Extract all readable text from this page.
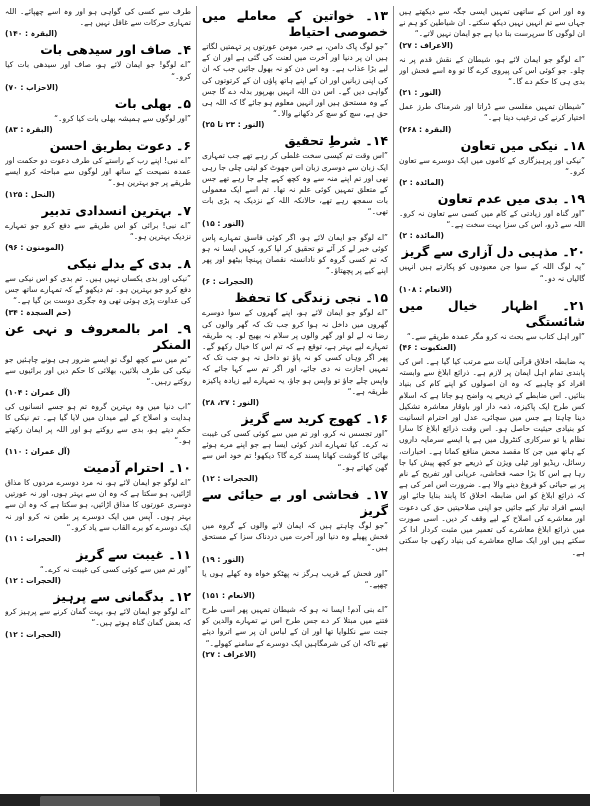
طرف سے کسی کی گواہی ہو اور وہ اسے چھپائے۔ اللہ تمہاری حرکات سے غافل نہیں ہے۔
(البقرہ : ۱۴۰)
۴۔ صاف اور سیدھی بات
”اے لوگو! جو ایمان لائے ہو، صاف اور سیدھی بات کیا کرو۔“
(الاحزاب : ۷۰)
۵۔ بھلی بات
”اور لوگوں سے ہمیشہ بھلی بات کیا کرو۔“
(البقرہ : ۸۳)
۶۔ دعوت بطریق احسن
”اے نبی! اپنے رب کے راستے کی طرف دعوت دو حکمت اور عمدہ نصیحت کے ساتھ اور لوگوں سے مباحثہ کرو ایسے طریقے پر جو بہترین ہو۔“
(النحل : ۱۲۵)
۷۔ بہترین انسدادی تدبیر
”اے نبی! برائی کو اس طریقے سے دفع کرو جو تمہارے نزدیک بہترین ہو۔“
(المومنون : ۹۶)
۸۔ بدی کے بدلے نیکی
”نیکی اور بدی یکساں نہیں ہیں۔ تم بدی کو اس نیکی سے دفع کرو جو بہترین ہو۔ تم دیکھو گے کہ تمہارے ساتھ جس کی عداوت پڑی ہوئی تھی وہ جگری دوست بن گیا ہے۔“
(حم السجدہ : ۳۴)
۹۔ امر بالمعروف و نہی عن المنکر
”تم میں سے کچھ لوگ تو ایسے ضرور ہی ہونے چاہئیں جو نیکی کی طرف بلائیں، بھلائی کا حکم دیں اور برائیوں سے روکتے رہیں۔“
(آل عمران : ۱۰۴)
”اب دنیا میں وہ بہترین گروہ تم ہو جسے انسانوں کی ہدایت و اصلاح کے لیے میدان میں لایا گیا ہے۔ تم نیکی کا حکم دیتے ہو، بدی سے روکتے ہو اور اللہ پر ایمان رکھتے ہو۔“
(آل عمران : ۱۱۰)
۱۰۔ احترام آدمیت
”اے لوگو جو ایمان لائے ہو، نہ مرد دوسرے مردوں کا مذاق اڑائیں، ہو سکتا ہے کہ وہ ان سے بہتر ہوں، اور نہ عورتیں دوسری عورتوں کا مذاق اڑائیں، ہو سکتا ہے کہ وہ ان سے بہتر ہوں۔ آپس میں ایک دوسرے پر طعن نہ کرو اور نہ ایک دوسرے کو برے القاب سے یاد کرو۔“
(الحجرات : ۱۱)
۱۱۔ غیبت سے گریز
”اور تم میں سے کوئی کسی کی غیبت نہ کرے۔“
(الحجرات : ۱۲)
۱۲۔ بدگمانی سے پرہیز
”اے لوگو جو ایمان لائے ہو، بہت گمان کرنے سے پرہیز کرو کہ بعض گمان گناہ ہوتے ہیں۔“
(الحجرات : ۱۲)
۱۳۔ خواتین کے معاملے میں خصوصی احتیاط
”جو لوگ پاک دامن، بے خبر، مومن عورتوں پر تہمتیں لگاتے ہیں ان پر دنیا اور آخرت میں لعنت کی گئی ہے اور ان کے لیے بڑا عذاب ہے۔ وہ اس دن کو نہ بھول جائیں جب کہ ان کی اپنی زبانیں اور ان کے اپنے ہاتھ پاؤں ان کے کرتوتوں کی گواہی دیں گے۔ اس دن اللہ انہیں بھرپور بدلہ دے گا جس کے وہ مستحق ہیں اور انہیں معلوم ہو جائے گا کہ اللہ ہی حق ہے، سچ کو سچ کر دکھانے والا۔“
(النور : ۲۳ تا ۲۵)
۱۴۔ شرطِ تحقیق
”اس وقت تم کیسی سخت غلطی کر رہے تھے جب تمہاری ایک زبان سے دوسری زبان اس جھوٹ کو لیتی چلی جا رہی تھی اور تم اپنے منہ سے وہ کچھ کہے چلے جا رہے تھے جس کے متعلق تمہیں کوئی علم نہ تھا۔ تم اسے ایک معمولی بات سمجھ رہے تھے، حالانکہ اللہ کے نزدیک یہ بڑی بات تھی۔“
(النور : ۱۵)
”اے لوگو جو ایمان لائے ہو، اگر کوئی فاسق تمہارے پاس کوئی خبر لے کر آئے تو تحقیق کر لیا کرو، کہیں ایسا نہ ہو کہ تم کسی گروہ کو نادانستہ نقصان پہنچا بیٹھو اور پھر اپنے کیے پر پچھتاؤ۔“
(الحجرات : ۶)
۱۵۔ نجی زندگی کا تحفظ
”اے لوگو جو ایمان لائے ہو، اپنے گھروں کے سوا دوسرے گھروں میں داخل نہ ہوا کرو جب تک کہ گھر والوں کی رضا نہ لے لو اور گھر والوں پر سلام نہ بھیج لو۔ یہ طریقہ تمہارے لیے بہتر ہے، توقع ہے کہ تم اس کا خیال رکھو گے۔ پھر اگر وہاں کسی کو نہ پاؤ تو داخل نہ ہو جب تک کہ تمہیں اجازت نہ دی جائے، اور اگر تم سے کہا جائے کہ واپس چلے جاؤ تو واپس ہو جاؤ، یہ تمہارے لیے زیادہ پاکیزہ طریقہ ہے۔“
(النور : ۲۷، ۲۸)
۱۶۔ کھوج کرید سے گریز
”اور تجسس نہ کرو، اور تم میں سے کوئی کسی کی غیبت نہ کرے۔ کیا تمہارے اندر کوئی ایسا ہے جو اپنے مرے ہوئے بھائی کا گوشت کھانا پسند کرے گا؟ دیکھو! تم خود اس سے گھن کھاتے ہو۔“
(الحجرات : ۱۲)
۱۷۔ فحاشی اور بے حیائی سے گریز
”جو لوگ چاہتے ہیں کہ ایمان لانے والوں کے گروہ میں فحش پھیلے وہ دنیا اور آخرت میں دردناک سزا کے مستحق ہیں۔“
(النور : ۱۹)
”اور فحش کے قریب ہرگز نہ پھٹکو خواہ وہ کھلے ہوں یا چھپے۔“
(الانعام : ۱۵۱)
”اے بنی آدم! ایسا نہ ہو کہ شیطان تمہیں پھر اسی طرح فتنے میں مبتلا کر دے جس طرح اس نے تمہارے والدین کو جنت سے نکلوایا تھا اور ان کے لباس ان پر سے اتروا دیئے تھے تاکہ ان کی شرمگاہیں ایک دوسرے کے سامنے کھولے۔“
(الاعراف : ۲۷)
وہ اور اس کے ساتھی تمہیں ایسی جگہ سے دیکھتے ہیں جہاں سے تم انہیں نہیں دیکھ سکتے۔ ان شیاطین کو ہم نے ان لوگوں کا سرپرست بنا دیا ہے جو ایمان نہیں لاتے۔“
(الاعراف : ۲۷)
”اے لوگو جو ایمان لائے ہو، شیطان کے نقش قدم پر نہ چلو۔ جو کوئی اس کی پیروی کرے گا تو وہ اسے فحش اور بدی ہی کا حکم دے گا۔“
(النور : ۲۱)
”شیطان تمہیں مفلسی سے ڈراتا اور شرمناک طرز عمل اختیار کرنے کی ترغیب دیتا ہے۔“
(البقرہ : ۲۶۸)
۱۸۔ نیکی میں تعاون
”نیکی اور پرہیزگاری کے کاموں میں ایک دوسرے سے تعاون کرو۔“
(المائدہ : ۲)
۱۹۔ بدی میں عدم تعاون
”اور گناہ اور زیادتی کے کام میں کسی سے تعاون نہ کرو۔ اللہ سے ڈرو، اس کی سزا بہت سخت ہے۔“
(المائدہ : ۲)
۲۰۔ مذہبی دل آزاری سے گریز
”یہ لوگ اللہ کے سوا جن معبودوں کو پکارتے ہیں انہیں گالیاں نہ دو۔“
(الانعام : ۱۰۸)
۲۱۔ اظہار خیال میں شائستگی
”اور اہل کتاب سے بحث نہ کرو مگر عمدہ طریقے سے۔“
(العنکبوت : ۴۶)
یہ ضابطہ اخلاق قرآنی آیات سے مرتب کیا گیا ہے۔ اس کی پابندی تمام اہل ایمان پر لازم ہے۔ ذرائع ابلاغ سے وابستہ افراد کو چاہیے کہ وہ ان اصولوں کو اپنے کام کی بنیاد بنائیں۔ اس ضابطے کے ذریعے یہ واضح ہو جاتا ہے کہ اسلام کس طرح ایک پاکیزہ، ذمہ دار اور باوقار معاشرہ تشکیل دینا چاہتا ہے جس میں سچائی، عدل اور احترام انسانیت کو بنیادی حیثیت حاصل ہو۔ اس وقت ذرائع ابلاغ کا سارا نظام یا تو سرکاری کنٹرول میں ہے یا ایسے سرمایہ داروں کے ہاتھ میں جن کا مقصد محض منافع کمانا ہے۔ اخبارات، رسائل، ریڈیو اور ٹیلی ویژن کے ذریعے جو کچھ پیش کیا جا رہا ہے اس کا بڑا حصہ فحاشی، عریانی اور تفریح کے نام پر بے حیائی کو فروغ دینے والا ہے۔ ضرورت اس امر کی ہے کہ ذرائع ابلاغ کو اس ضابطہ اخلاق کا پابند بنایا جائے اور ایسے افراد تیار کیے جائیں جو اپنی صلاحیتیں حق کی دعوت اور معاشرے کی اصلاح کے لیے وقف کر دیں۔ اسی صورت میں ذرائع ابلاغ معاشرے کی تعمیر میں مثبت کردار ادا کر سکتے ہیں اور ایک صالح معاشرے کی بنیاد رکھی جا سکتی ہے۔
